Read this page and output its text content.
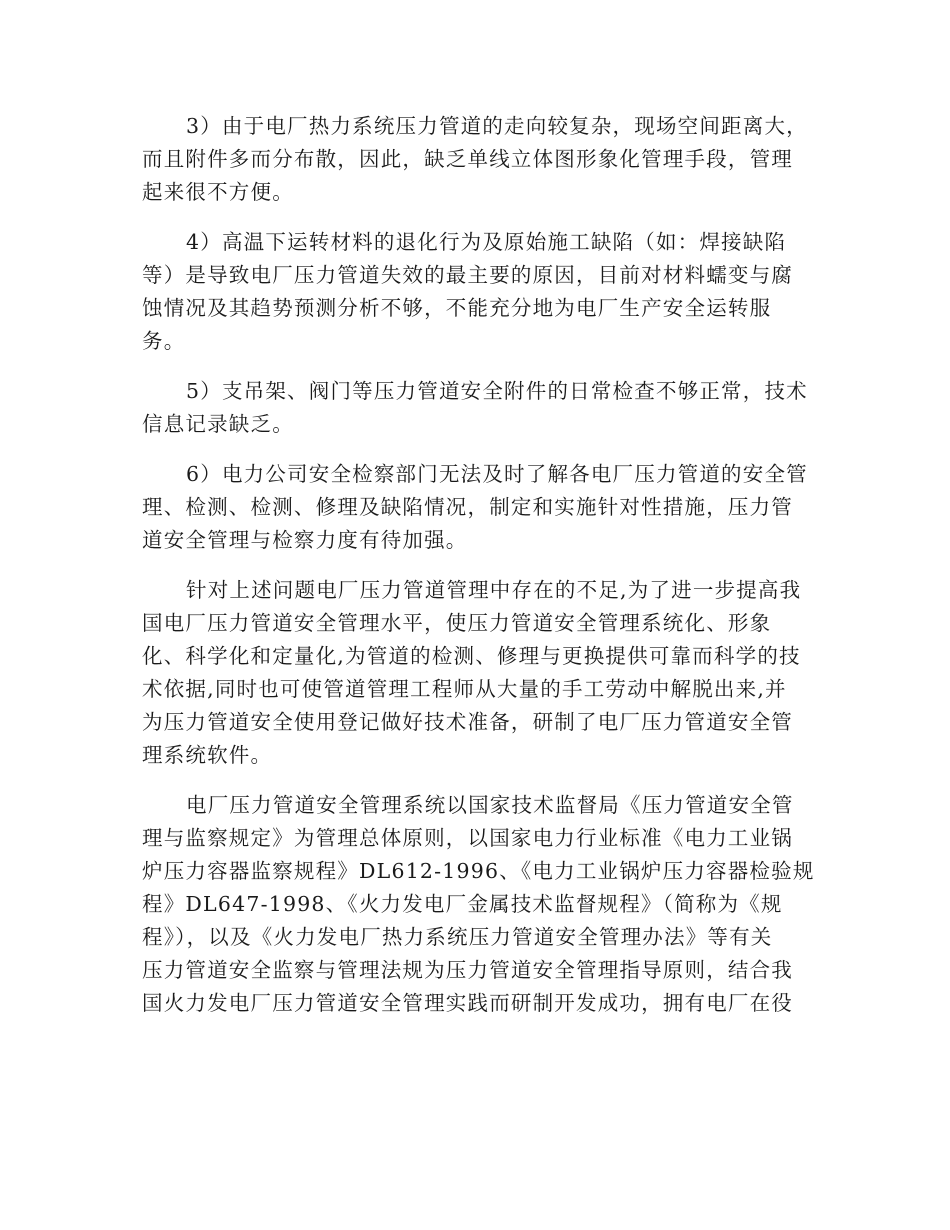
3）由于电厂热力系统压力管道的走向较复杂，现场空间距离大，
而且附件多而分布散，因此，缺乏单线立体图形象化管理手段，管理
起来很不方便。
4）高温下运转材料的退化行为及原始施工缺陷（如：焊接缺陷
等）是导致电厂压力管道失效的最主要的原因，目前对材料蠕变与腐
蚀情况及其趋势预测分析不够，不能充分地为电厂生产安全运转服
务。
5）支吊架、阀门等压力管道安全附件的日常检查不够正常，技术
信息记录缺乏。
6）电力公司安全检察部门无法及时了解各电厂压力管道的安全管
理、检测、检测、修理及缺陷情况，制定和实施针对性措施，压力管
道安全管理与检察力度有待加强。
针对上述问题电厂压力管道管理中存在的不足,为了进一步提高我
国电厂压力管道安全管理水平，使压力管道安全管理系统化、形象
化、科学化和定量化,为管道的检测、修理与更换提供可靠而科学的技
术依据,同时也可使管道管理工程师从大量的手工劳动中解脱出来,并
为压力管道安全使用登记做好技术准备，研制了电厂压力管道安全管
理系统软件。
电厂压力管道安全管理系统以国家技术监督局《压力管道安全管
理与监察规定》为管理总体原则，以国家电力行业标准《电力工业锅
炉压力容器监察规程》DL612-1996、《电力工业锅炉压力容器检验规
程》DL647-1998、《火力发电厂金属技术监督规程》（简称为《规
程》），以及《火力发电厂热力系统压力管道安全管理办法》等有关
压力管道安全监察与管理法规为压力管道安全管理指导原则，结合我
国火力发电厂压力管道安全管理实践而研制开发成功，拥有电厂在役
